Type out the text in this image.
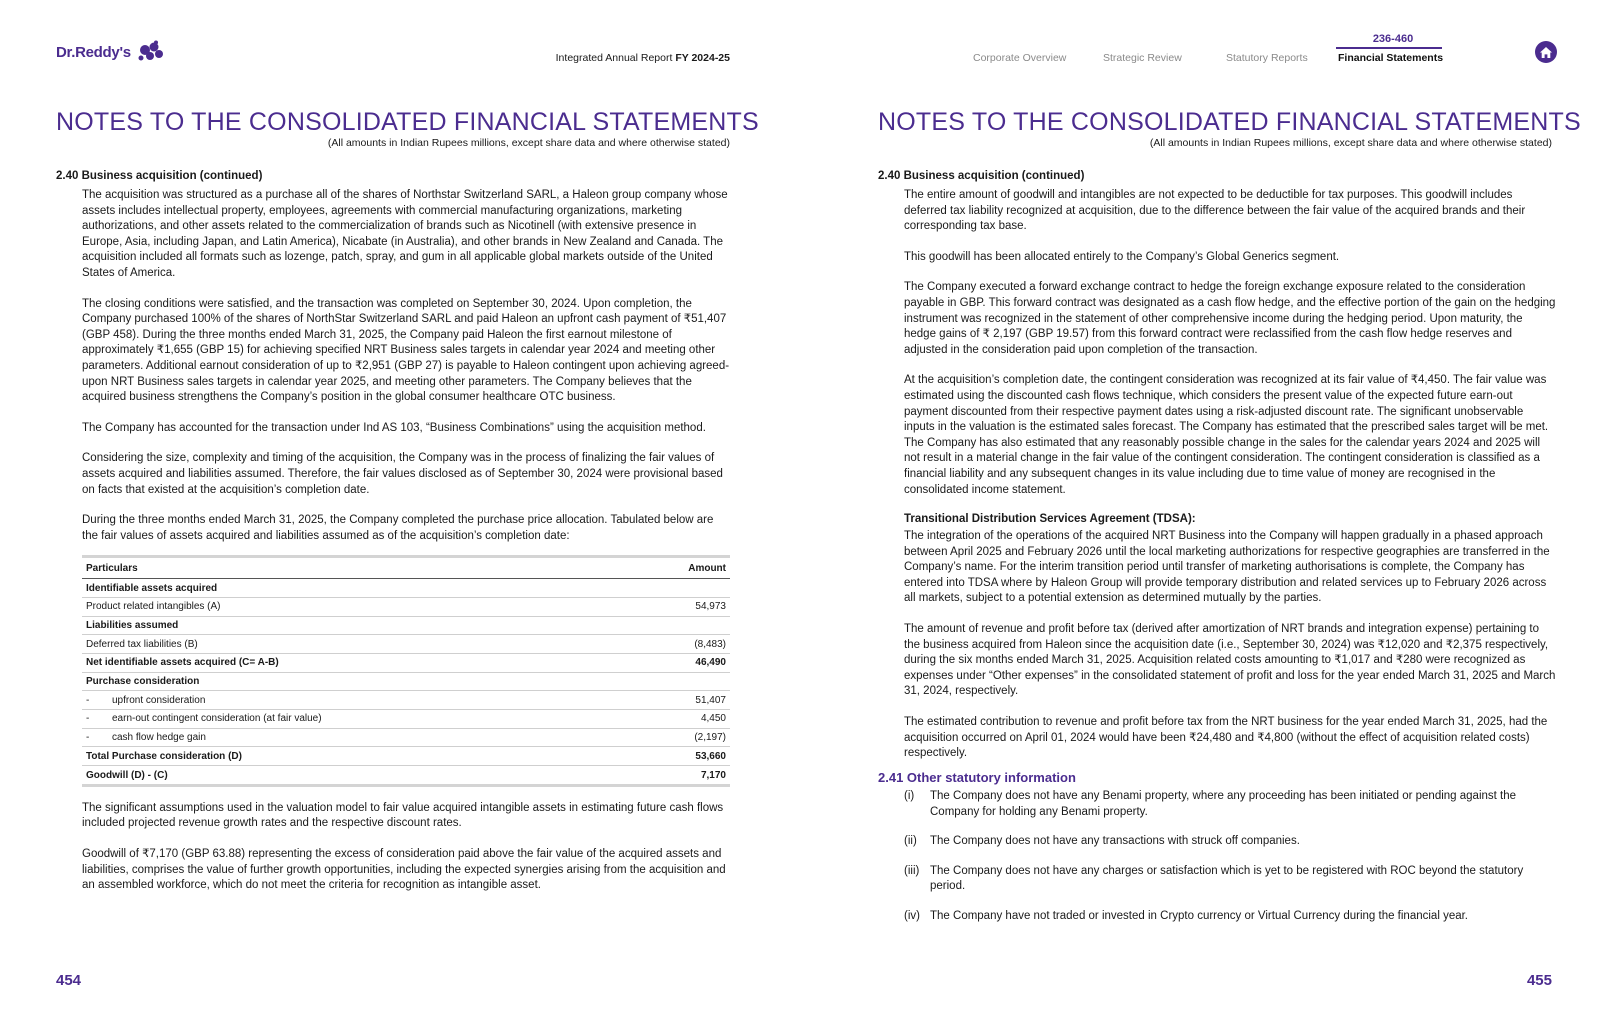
Dr.Reddy's	Integrated Annual Report FY 2024-25	Corporate Overview	Strategic Review	Statutory Reports
236-460
Financial Statements
NOTES TO THE CONSOLIDATED FINANCIAL STATEMENTS
(All amounts in Indian Rupees millions, except share data and where otherwise stated)
2.40 Business acquisition (continued)
The acquisition was structured as a purchase all of the shares of Northstar Switzerland SARL, a Haleon group company whose assets includes intellectual property, employees, agreements with commercial manufacturing organizations, marketing authorizations, and other assets related to the commercialization of brands such as Nicotinell (with extensive presence in Europe, Asia, including Japan, and Latin America), Nicabate (in Australia), and other brands in New Zealand and Canada. The acquisition included all formats such as lozenge, patch, spray, and gum in all applicable global markets outside of the United States of America.
The closing conditions were satisfied, and the transaction was completed on September 30, 2024. Upon completion, the Company purchased 100% of the shares of NorthStar Switzerland SARL and paid Haleon an upfront cash payment of ₹51,407 (GBP 458). During the three months ended March 31, 2025, the Company paid Haleon the first earnout milestone of approximately ₹1,655 (GBP 15) for achieving specified NRT Business sales targets in calendar year 2024 and meeting other parameters. Additional earnout consideration of up to ₹2,951 (GBP 27) is payable to Haleon contingent upon achieving agreed-upon NRT Business sales targets in calendar year 2025, and meeting other parameters. The Company believes that the acquired business strengthens the Company’s position in the global consumer healthcare OTC business.
The Company has accounted for the transaction under Ind AS 103, “Business Combinations” using the acquisition method.
Considering the size, complexity and timing of the acquisition, the Company was in the process of finalizing the fair values of assets acquired and liabilities assumed. Therefore, the fair values disclosed as of September 30, 2024 were provisional based on facts that existed at the acquisition’s completion date.
During the three months ended March 31, 2025, the Company completed the purchase price allocation. Tabulated below are the fair values of assets acquired and liabilities assumed as of the acquisition’s completion date:
Particulars	Amount
Identifiable assets acquired	
Product related intangibles (A)	54,973
Liabilities assumed	
Deferred tax liabilities (B)	(8,483)
Net identifiable assets acquired (C= A-B)	46,490
Purchase consideration	
- upfront consideration	51,407
- earn-out contingent consideration (at fair value)	4,450
- cash flow hedge gain	(2,197)
Total Purchase consideration (D)	53,660
Goodwill (D) - (C)	7,170
The significant assumptions used in the valuation model to fair value acquired intangible assets in estimating future cash flows included projected revenue growth rates and the respective discount rates.
Goodwill of ₹7,170 (GBP 63.88) representing the excess of consideration paid above the fair value of the acquired assets and liabilities, comprises the value of further growth opportunities, including the expected synergies arising from the acquisition and an assembled workforce, which do not meet the criteria for recognition as intangible asset.
454
NOTES TO THE CONSOLIDATED FINANCIAL STATEMENTS
(All amounts in Indian Rupees millions, except share data and where otherwise stated)
2.40 Business acquisition (continued)
The entire amount of goodwill and intangibles are not expected to be deductible for tax purposes. This goodwill includes deferred tax liability recognized at acquisition, due to the difference between the fair value of the acquired brands and their corresponding tax base.
This goodwill has been allocated entirely to the Company’s Global Generics segment.
The Company executed a forward exchange contract to hedge the foreign exchange exposure related to the consideration payable in GBP. This forward contract was designated as a cash flow hedge, and the effective portion of the gain on the hedging instrument was recognized in the statement of other comprehensive income during the hedging period. Upon maturity, the hedge gains of ₹ 2,197 (GBP 19.57) from this forward contract were reclassified from the cash flow hedge reserves and adjusted in the consideration paid upon completion of the transaction.
At the acquisition’s completion date, the contingent consideration was recognized at its fair value of ₹4,450. The fair value was estimated using the discounted cash flows technique, which considers the present value of the expected future earn-out payment discounted from their respective payment dates using a risk-adjusted discount rate. The significant unobservable inputs in the valuation is the estimated sales forecast. The Company has estimated that the prescribed sales target will be met. The Company has also estimated that any reasonably possible change in the sales for the calendar years 2024 and 2025 will not result in a material change in the fair value of the contingent consideration. The contingent consideration is classified as a financial liability and any subsequent changes in its value including due to time value of money are recognised in the consolidated income statement.
Transitional Distribution Services Agreement (TDSA):
The integration of the operations of the acquired NRT Business into the Company will happen gradually in a phased approach between April 2025 and February 2026 until the local marketing authorizations for respective geographies are transferred in the Company’s name. For the interim transition period until transfer of marketing authorisations is complete, the Company has entered into TDSA where by Haleon Group will provide temporary distribution and related services up to February 2026 across all markets, subject to a potential extension as determined mutually by the parties.
The amount of revenue and profit before tax (derived after amortization of NRT brands and integration expense) pertaining to the business acquired from Haleon since the acquisition date (i.e., September 30, 2024) was ₹12,020 and ₹2,375 respectively, during the six months ended March 31, 2025. Acquisition related costs amounting to ₹1,017 and ₹280 were recognized as expenses under “Other expenses” in the consolidated statement of profit and loss for the year ended March 31, 2025 and March 31, 2024, respectively.
The estimated contribution to revenue and profit before tax from the NRT business for the year ended March 31, 2025, had the acquisition occurred on April 01, 2024 would have been ₹24,480 and ₹4,800 (without the effect of acquisition related costs) respectively.
2.41 Other statutory information
(i)	The Company does not have any Benami property, where any proceeding has been initiated or pending against the Company for holding any Benami property.
(ii)	The Company does not have any transactions with struck off companies.
(iii) The Company does not have any charges or satisfaction which is yet to be registered with ROC beyond the statutory period.
(iv) The Company have not traded or invested in Crypto currency or Virtual Currency during the financial year.
455
